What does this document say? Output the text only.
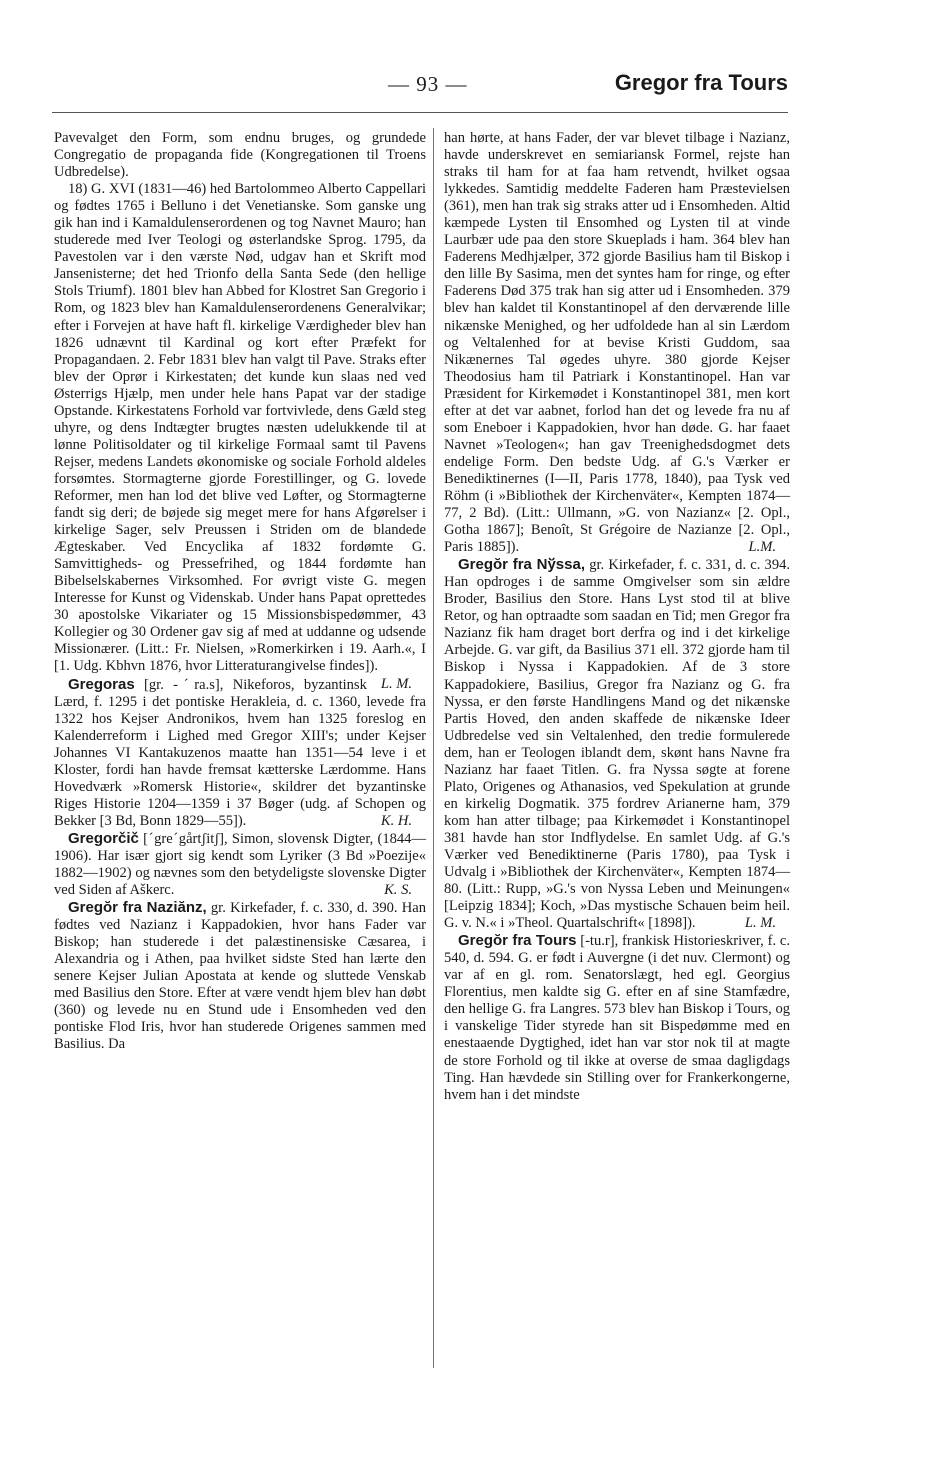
— 93 —	Gregor fra Tours

Pavevalget den Form, som endnu bruges, og grundede Congregatio de propaganda fide (Kongregationen til Troens Udbredelse).

18) G. XVI (1831—46) hed Bartolommeo Alberto Cappellari og fødtes 1765 i Belluno i det Venetianske. Som ganske ung gik han ind i Kamaldulenserordenen og tog Navnet Mauro; han studerede med Iver Teologi og østerlandske Sprog. 1795, da Pavestolen var i den værste Nød, udgav han et Skrift mod Jansenisterne; det hed Trionfo della Santa Sede (den hellige Stols Triumf). 1801 blev han Abbed for Klostret San Gregorio i Rom, og 1823 blev han Kamaldulenserordenens Generalvikar; efter i Forvejen at have haft fl. kirkelige Værdigheder blev han 1826 udnævnt til Kardinal og kort efter Præfekt for Propagandaen. 2. Febr 1831 blev han valgt til Pave. Straks efter blev der Oprør i Kirkestaten; det kunde kun slaas ned ved Østerrigs Hjælp, men under hele hans Papat var der stadige Opstande. Kirkestatens Forhold var fortvivlede, dens Gæld steg uhyre, og dens Indtægter brugtes næsten udelukkende til at lønne Politisoldater og til kirkelige Formaal samt til Pavens Rejser, medens Landets økonomiske og sociale Forhold aldeles forsømtes. Stormagterne gjorde Forestillinger, og G. lovede Reformer, men han lod det blive ved Løfter, og Stormagterne fandt sig deri; de bøjede sig meget mere for hans Afgørelser i kirkelige Sager, selv Preussen i Striden om de blandede Ægteskaber. Ved Encyclika af 1832 fordømte G. Samvittigheds- og Pressefrihed, og 1844 fordømte han Bibelselskabernes Virksomhed. For øvrigt viste G. megen Interesse for Kunst og Videnskab. Under hans Papat oprettedes 30 apostolske Vikariater og 15 Missionsbispedømmer, 43 Kollegier og 30 Ordener gav sig af med at uddanne og udsende Missionærer. (Litt.: Fr. Nielsen, »Romerkirken i 19. Aarh.«, I [1. Udg. Kbhvn 1876, hvor Litteraturangivelse findes]).
L. M.

Gregoras [gr. -ˊra.s], Nikeforos, byzantinsk Lærd, f. 1295 i det pontiske Herakleia, d. c. 1360, levede fra 1322 hos Kejser Andronikos, hvem han 1325 foreslog en Kalenderreform i Lighed med Gregor XIII's; under Kejser Johannes VI Kantakuzenos maatte han 1351—54 leve i et Kloster, fordi han havde fremsat kætterske Lærdomme. Hans Hovedværk »Romersk Historie«, skildrer det byzantinske Riges Historie 1204—1359 i 37 Bøger (udg. af Schopen og Bekker [3 Bd, Bonn 1829—55]).	K. H.

Gregorčič [ˊgreˊgårtʃitʃ], Simon, slovensk Digter, (1844—1906). Har især gjort sig kendt som Lyriker (3 Bd »Poezije« 1882—1902) og nævnes som den betydeligste slovenske Digter ved Siden af Aškerc.	K. S.

Gregŏr fra Naziănz, gr. Kirkefader, f. c. 330, d. 390. Han fødtes ved Nazianz i Kappadokien, hvor hans Fader var Biskop; han studerede i det palæstinensiske Cæsarea, i Alexandria og i Athen, paa hvilket sidste Sted han lærte den senere Kejser Julian Apostata at kende og sluttede Venskab med Basilius den Store. Efter at være vendt hjem blev han døbt (360) og levede nu en Stund ude i Ensomheden ved den pontiske Flod Iris, hvor han studerede Origenes sammen med Basilius. Da

han hørte, at hans Fader, der var blevet tilbage i Nazianz, havde underskrevet en semiariansk Formel, rejste han straks til ham for at faa ham retvendt, hvilket ogsaa lykkedes. Samtidig meddelte Faderen ham Præstevielsen (361), men han trak sig straks atter ud i Ensomheden. Altid kæmpede Lysten til Ensomhed og Lysten til at vinde Laurbær ude paa den store Skueplads i ham. 364 blev han Faderens Medhjælper, 372 gjorde Basilius ham til Biskop i den lille By Sasima, men det syntes ham for ringe, og efter Faderens Død 375 trak han sig atter ud i Ensomheden. 379 blev han kaldet til Konstantinopel af den derværende lille nikænske Menighed, og her udfoldede han al sin Lærdom og Veltalenhed for at bevise Kristi Guddom, saa Nikænernes Tal øgedes uhyre. 380 gjorde Kejser Theodosius ham til Patriark i Konstantinopel. Han var Præsident for Kirkemødet i Konstantinopel 381, men kort efter at det var aabnet, forlod han det og levede fra nu af som Eneboer i Kappadokien, hvor han døde. G. har faaet Navnet »Teologen«; han gav Treenighedsdogmet dets endelige Form. Den bedste Udg. af G.'s Værker er Benediktinernes (I—II, Paris 1778, 1840), paa Tysk ved Röhm (i »Bibliothek der Kirchenväter«, Kempten 1874—77, 2 Bd). (Litt.: Ullmann, »G. von Nazianz« [2. Opl., Gotha 1867]; Benoît, St Grégoire de Nazianze [2. Opl., Paris 1885]).	L.M.

Gregŏr fra Nўssa, gr. Kirkefader, f. c. 331, d. c. 394. Han opdroges i de samme Omgivelser som sin ældre Broder, Basilius den Store. Hans Lyst stod til at blive Retor, og han optraadte som saadan en Tid; men Gregor fra Nazianz fik ham draget bort derfra og ind i det kirkelige Arbejde. G. var gift, da Basilius 371 ell. 372 gjorde ham til Biskop i Nyssa i Kappadokien. Af de 3 store Kappadokiere, Basilius, Gregor fra Nazianz og G. fra Nyssa, er den første Handlingens Mand og det nikænske Partis Hoved, den anden skaffede de nikænske Ideer Udbredelse ved sin Veltalenhed, den tredie formulerede dem, han er Teologen iblandt dem, skønt hans Navne fra Nazianz har faaet Titlen. G. fra Nyssa søgte at forene Plato, Origenes og Athanasios, ved Spekulation at grunde en kirkelig Dogmatik. 375 fordrev Arianerne ham, 379 kom han atter tilbage; paa Kirkemødet i Konstantinopel 381 havde han stor Indflydelse. En samlet Udg. af G.'s Værker ved Benediktinerne (Paris 1780), paa Tysk i Udvalg i »Bibliothek der Kirchenväter«, Kempten 1874—80. (Litt.: Rupp, »G.'s von Nyssa Leben und Meinungen« [Leipzig 1834]; Koch, »Das mystische Schauen beim heil. G. v. N.« i »Theol. Quartalschrift« [1898]).	L. M.

Gregŏr fra Tours [-tu.r], frankisk Historieskriver, f. c. 540, d. 594. G. er født i Auvergne (i det nuv. Clermont) og var af en gl. rom. Senatorslægt, hed egl. Georgius Florentius, men kaldte sig G. efter en af sine Stamfædre, den hellige G. fra Langres. 573 blev han Biskop i Tours, og i vanskelige Tider styrede han sit Bispedømme med en enestaaende Dygtighed, idet han var stor nok til at magte de store Forhold og til ikke at overse de smaa dagligdags Ting. Han hævdede sin Stilling over for Frankerkongerne, hvem han i det mindste
